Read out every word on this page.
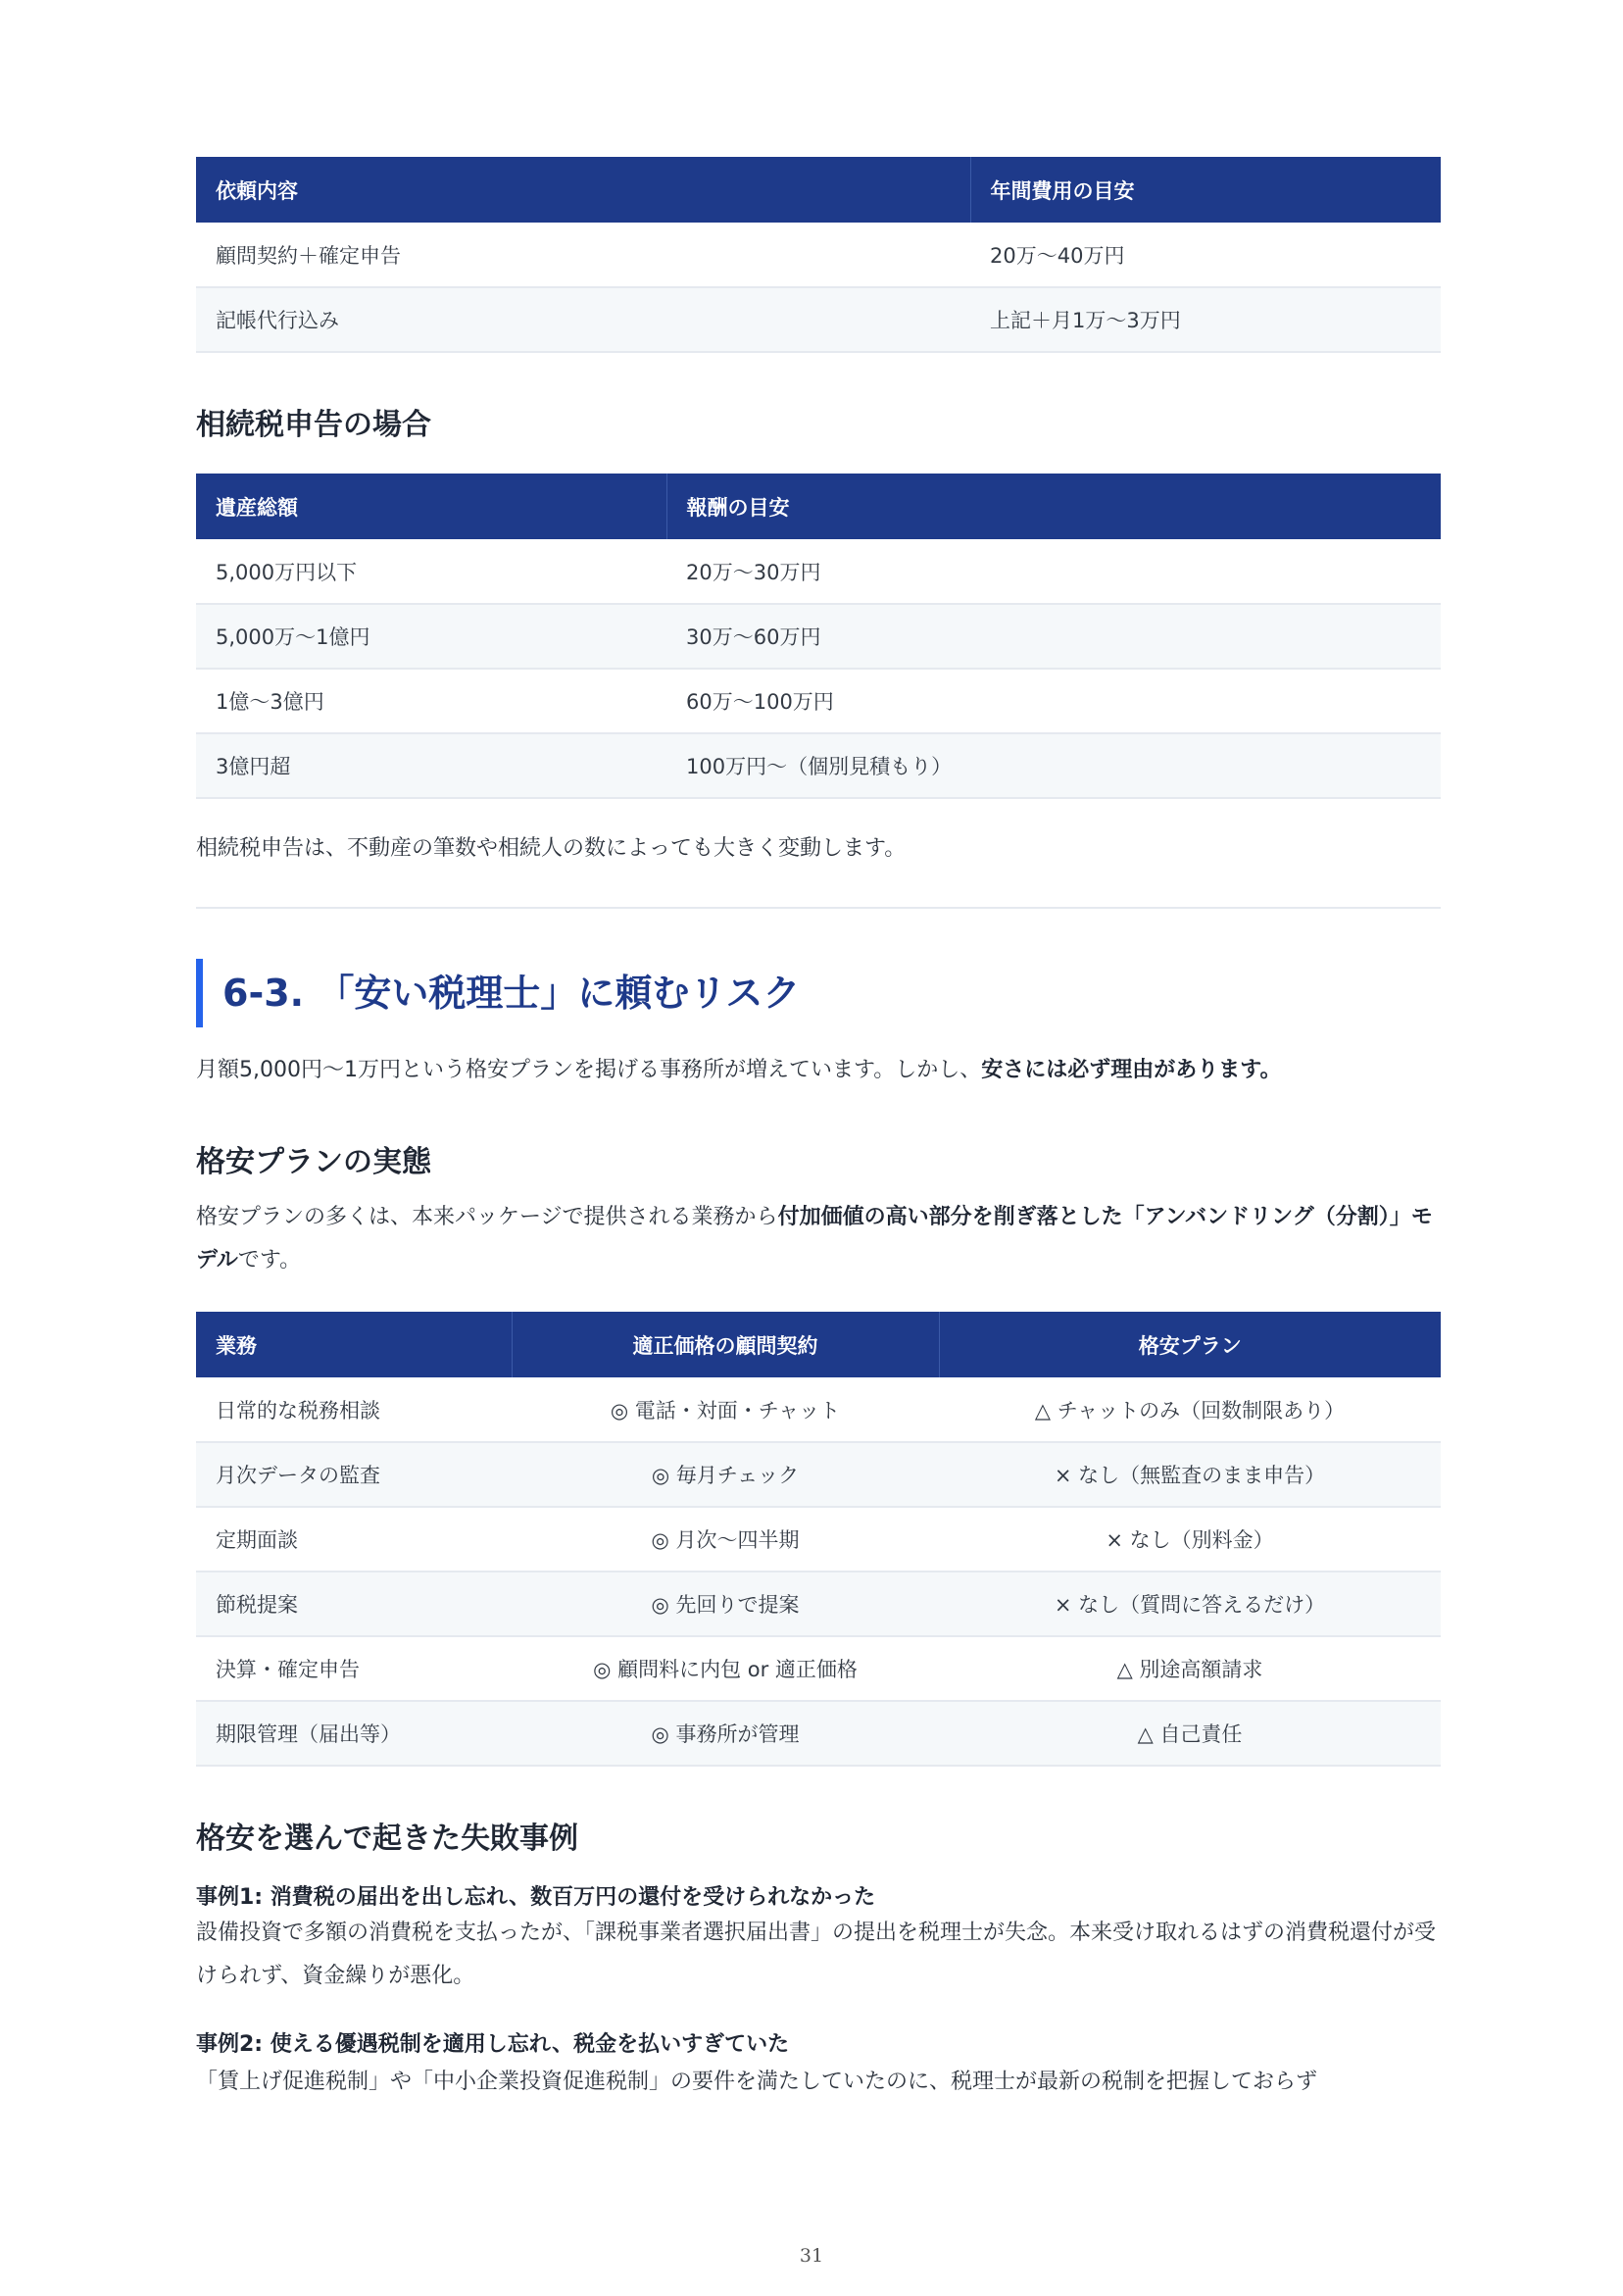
依頼内容	年間費用の目安
顧問契約＋確定申告	20万〜40万円
記帳代行込み	上記＋月1万〜3万円
相続税申告の場合
遺産総額	報酬の目安
5,000万円以下	20万〜30万円
5,000万〜1億円	30万〜60万円
1億〜3億円	60万〜100万円
3億円超	100万円〜（個別見積もり）
相続税申告は、不動産の筆数や相続人の数によっても大きく変動します。
6-3. 「安い税理士」に頼むリスク
月額5,000円〜1万円という格安プランを掲げる事務所が増えています。しかし、安さには必ず理由があります。
格安プランの実態
格安プランの多くは、本来パッケージで提供される業務から付加価値の高い部分を削ぎ落とした「アンバンドリング（分割）」モデルです。
業務	適正価格の顧問契約	格安プラン
日常的な税務相談	◎ 電話・対面・チャット	△ チャットのみ（回数制限あり）
月次データの監査	◎ 毎月チェック	× なし（無監査のまま申告）
定期面談	◎ 月次〜四半期	× なし（別料金）
節税提案	◎ 先回りで提案	× なし（質問に答えるだけ）
決算・確定申告	◎ 顧問料に内包 or 適正価格	△ 別途高額請求
期限管理（届出等）	◎ 事務所が管理	△ 自己責任
格安を選んで起きた失敗事例
事例1: 消費税の届出を出し忘れ、数百万円の還付を受けられなかった
設備投資で多額の消費税を支払ったが、「課税事業者選択届出書」の提出を税理士が失念。本来受け取れるはずの消費税還付が受けられず、資金繰りが悪化。
事例2: 使える優遇税制を適用し忘れ、税金を払いすぎていた
「賃上げ促進税制」や「中小企業投資促進税制」の要件を満たしていたのに、税理士が最新の税制を把握しておらず
31
